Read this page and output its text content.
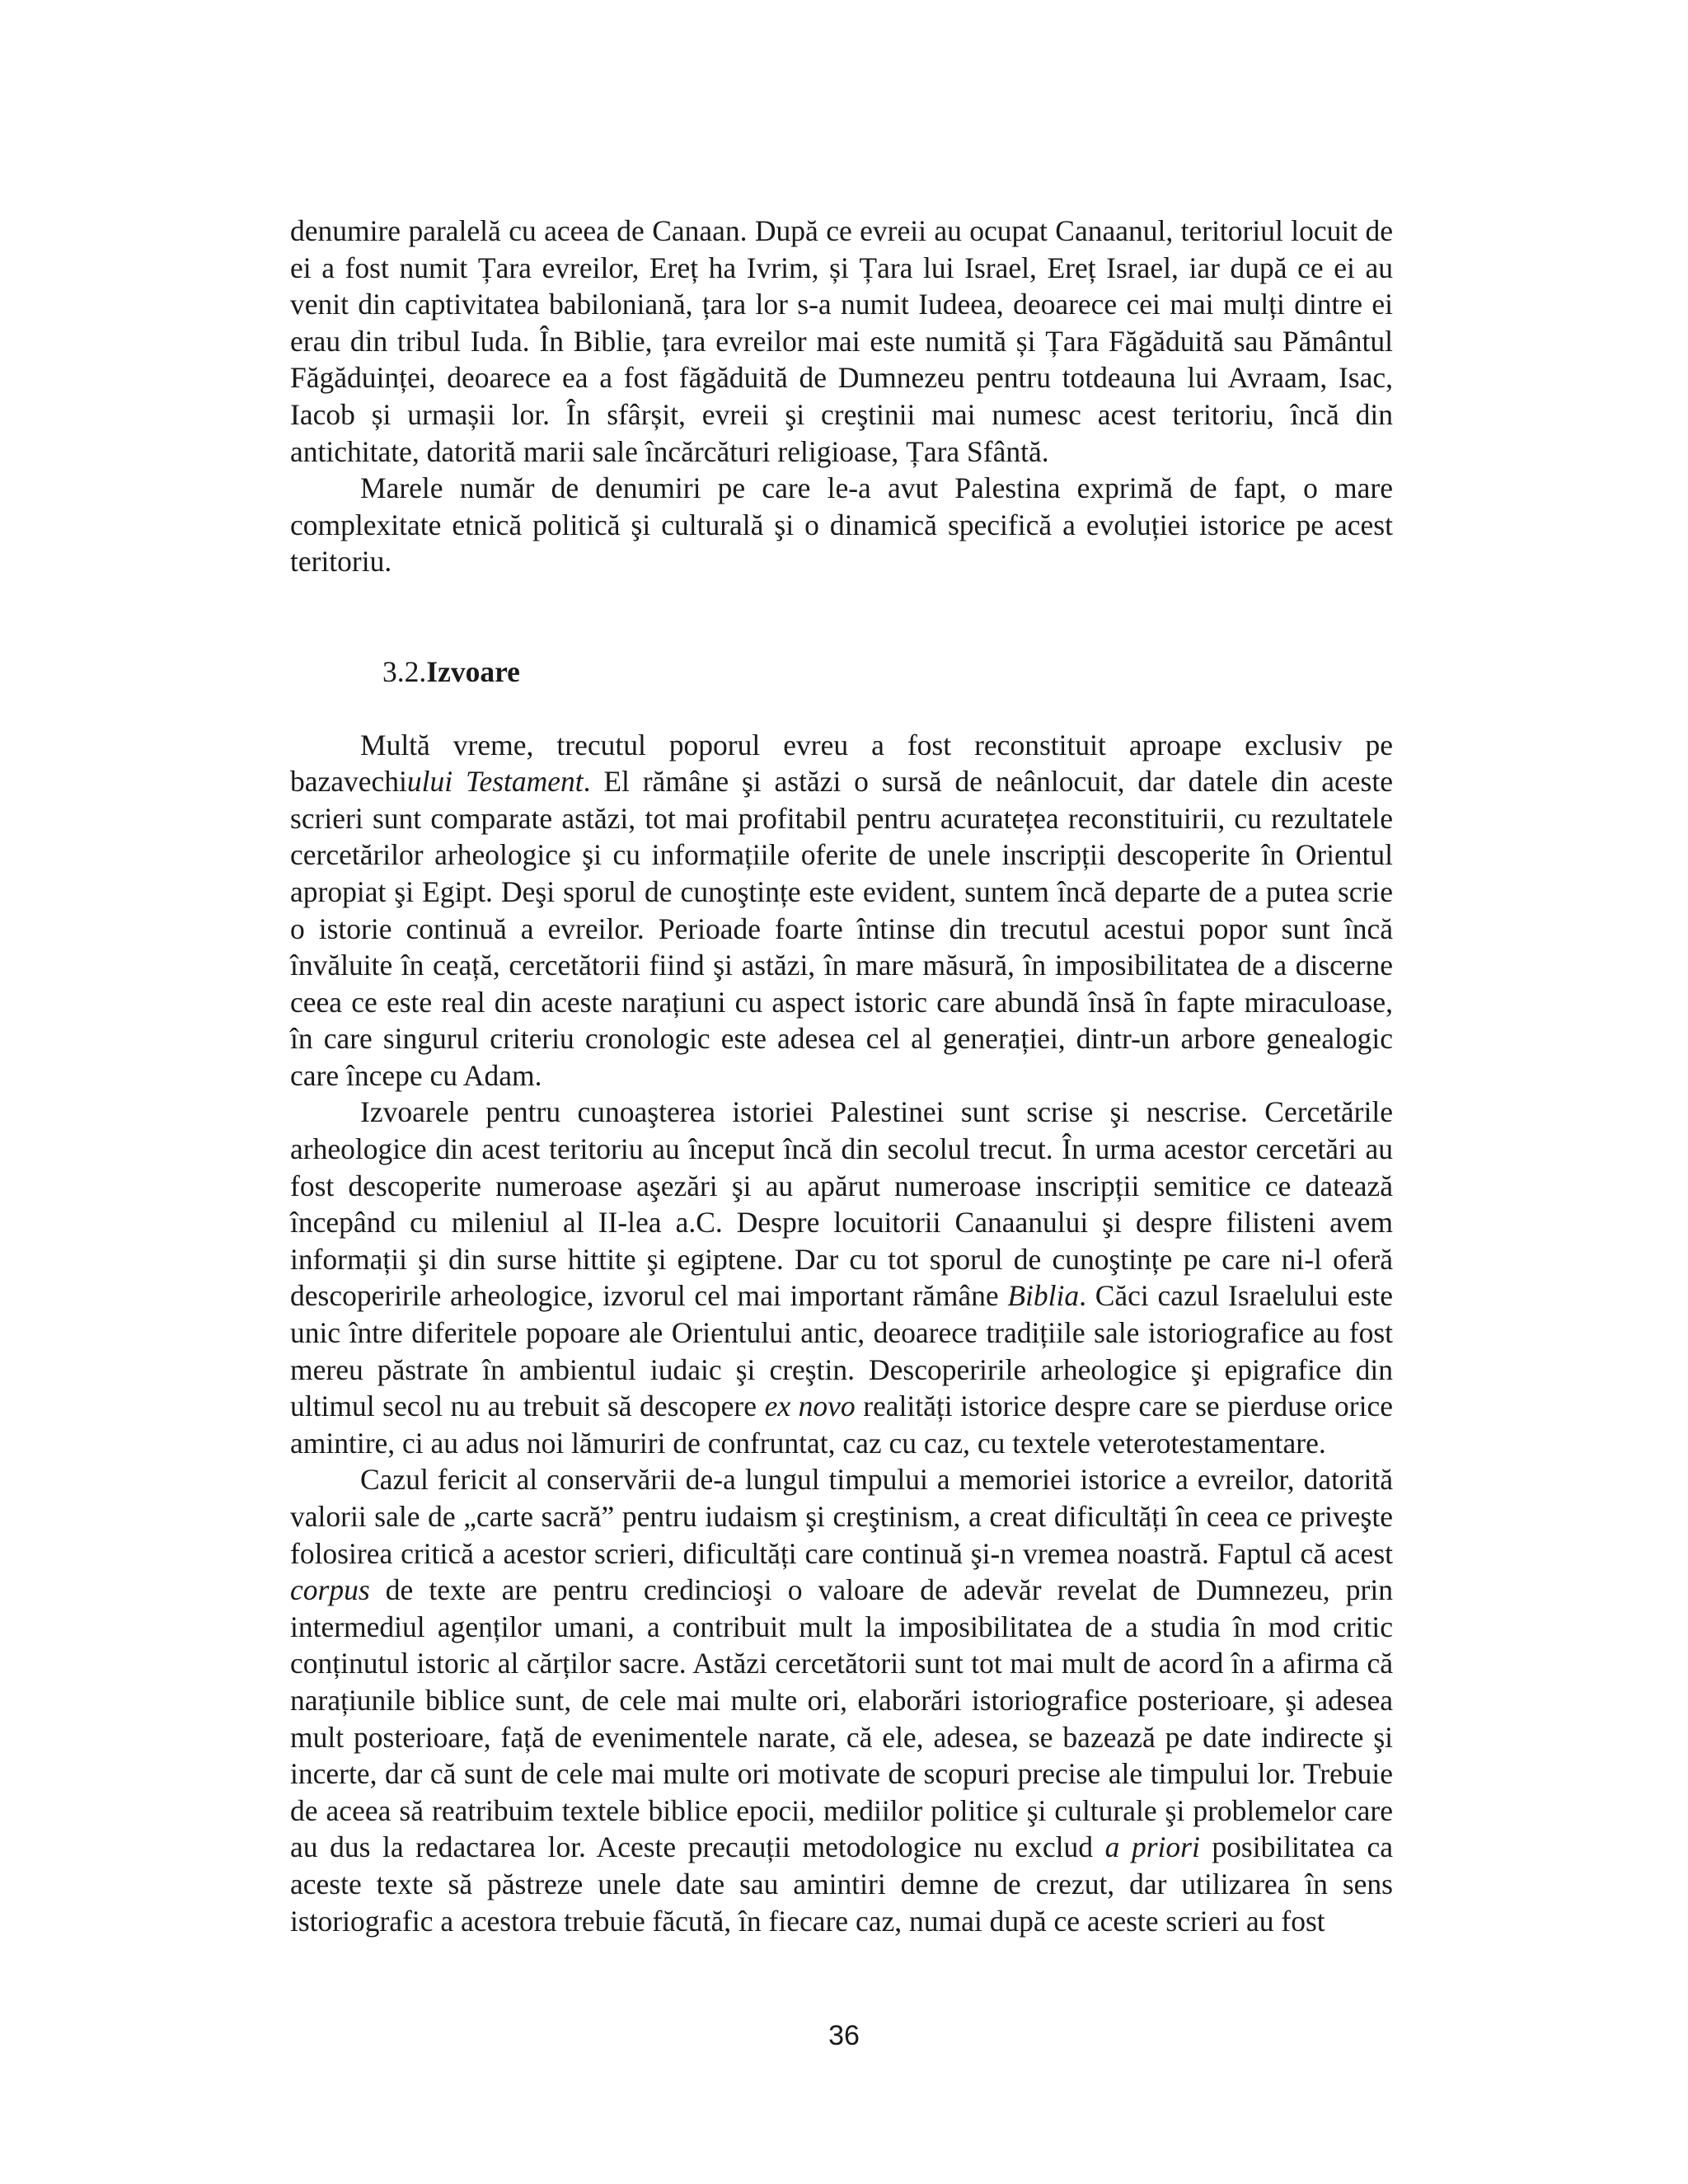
denumire paralelă cu aceea de Canaan. După ce evreii au ocupat Canaanul, teritoriul locuit de ei a fost numit Țara evreilor, Ereț ha Ivrim, și Țara lui Israel, Ereț Israel, iar după ce ei au venit din captivitatea babiloniană, țara lor s-a numit Iudeea, deoarece cei mai mulți dintre ei erau din tribul Iuda. În Biblie, țara evreilor mai este numită și Țara Făgăduită sau Pământul Făgăduinței, deoarece ea a fost făgăduită de Dumnezeu pentru totdeauna lui Avraam, Isac, Iacob și urmașii lor. În sfârșit, evreii şi creştinii mai numesc acest teritoriu, încă din antichitate, datorită marii sale încărcături religioase, Țara Sfântă.

Marele număr de denumiri pe care le-a avut Palestina exprimă de fapt, o mare complexitate etnică politică şi culturală şi o dinamică specifică a evoluției istorice pe acest teritoriu.

3.2.Izvoare

Multă vreme, trecutul poporul evreu a fost reconstituit aproape exclusiv pe bazavechiului Testament. El rămâne şi astăzi o sursă de neânlocuit, dar datele din aceste scrieri sunt comparate astăzi, tot mai profitabil pentru acuratețea reconstituirii, cu rezultatele cercetărilor arheologice şi cu informațiile oferite de unele inscripții descoperite în Orientul apropiat şi Egipt. Deşi sporul de cunoştințe este evident, suntem încă departe de a putea scrie o istorie continuă a evreilor. Perioade foarte întinse din trecutul acestui popor sunt încă învăluite în ceață, cercetătorii fiind şi astăzi, în mare măsură, în imposibilitatea de a discerne ceea ce este real din aceste narațiuni cu aspect istoric care abundă însă în fapte miraculoase, în care singurul criteriu cronologic este adesea cel al generației, dintr-un arbore genealogic care începe cu Adam.

Izvoarele pentru cunoaşterea istoriei Palestinei sunt scrise şi nescrise. Cercetările arheologice din acest teritoriu au început încă din secolul trecut. În urma acestor cercetări au fost descoperite numeroase aşezări şi au apărut numeroase inscripții semitice ce datează începând cu mileniul al II-lea a.C. Despre locuitorii Canaanului şi despre filisteni avem informații şi din surse hittite şi egiptene. Dar cu tot sporul de cunoştințe pe care ni-l oferă descoperirile arheologice, izvorul cel mai important rămâne Biblia. Căci cazul Israelului este unic între diferitele popoare ale Orientului antic, deoarece tradițiile sale istoriografice au fost mereu păstrate în ambientul iudaic şi creştin. Descoperirile arheologice şi epigrafice din ultimul secol nu au trebuit să descopere ex novo realități istorice despre care se pierduse orice amintire, ci au adus noi lămuriri de confruntat, caz cu caz, cu textele veterotestamentare.

Cazul fericit al conservării de-a lungul timpului a memoriei istorice a evreilor, datorită valorii sale de „carte sacră” pentru iudaism şi creştinism, a creat dificultăți în ceea ce priveşte folosirea critică a acestor scrieri, dificultăți care continuă şi-n vremea noastră. Faptul că acest corpus de texte are pentru credincioşi o valoare de adevăr revelat de Dumnezeu, prin intermediul agenților umani, a contribuit mult la imposibilitatea de a studia în mod critic conținutul istoric al cărților sacre. Astăzi cercetătorii sunt tot mai mult de acord în a afirma că narațiunile biblice sunt, de cele mai multe ori, elaborări istoriografice posterioare, şi adesea mult posterioare, față de evenimentele narate, că ele, adesea, se bazează pe date indirecte şi incerte, dar că sunt de cele mai multe ori motivate de scopuri precise ale timpului lor. Trebuie de aceea să reatribuim textele biblice epocii, mediilor politice şi culturale şi problemelor care au dus la redactarea lor. Aceste precauții metodologice nu exclud a priori posibilitatea ca aceste texte să păstreze unele date sau amintiri demne de crezut, dar utilizarea în sens istoriografic a acestora trebuie făcută, în fiecare caz, numai după ce aceste scrieri au fost

36
